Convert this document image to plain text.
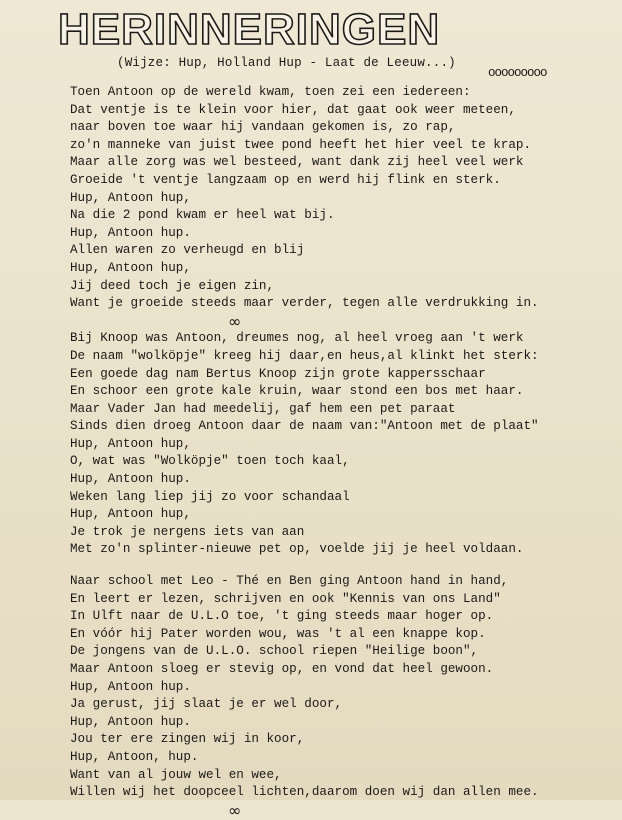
HERINNERINGEN
(Wijze: Hup, Holland Hup - Laat de Leeuw...)
ooooooooo
Toen Antoon op de wereld kwam, toen zei een iedereen:
Dat ventje is te klein voor hier, dat gaat ook weer meteen,
naar boven toe waar hij vandaan gekomen is, zo rap,
zo'n manneke van juist twee pond heeft het hier veel te krap.
Maar alle zorg was wel besteed, want dank zij heel veel werk
Groeide 't ventje langzaam op en werd hij flink en sterk.
Hup, Antoon hup,
Na die 2 pond kwam er heel wat bij.
Hup, Antoon hup.
Allen waren zo verheugd en blij
Hup, Antoon hup,
Jij deed toch je eigen zin,
Want je groeide steeds maar verder, tegen alle verdrukking in.
∞
Bij Knoop was Antoon, dreumes nog, al heel vroeg aan 't werk
De naam "wolköpje" kreeg hij daar,en heus,al klinkt het sterk:
Een goede dag nam Bertus Knoop zijn grote kappersschaar
En schoor een grote kale kruin, waar stond een bos met haar.
Maar Vader Jan had meedelij, gaf hem een pet paraat
Sinds dien droeg Antoon daar de naam van:"Antoon met de plaat"
Hup, Antoon hup,
O, wat was "Wolköpje" toen toch kaal,
Hup, Antoon hup.
Weken lang liep jij zo voor schandaal
Hup, Antoon hup,
Je trok je nergens iets van aan
Met zo'n splinter-nieuwe pet op, voelde jij je heel voldaan.
Naar school met Leo - Thé en Ben ging Antoon hand in hand,
En leert er lezen, schrijven en ook "Kennis van ons Land"
In Ulft naar de U.L.O toe, 't ging steeds maar hoger op.
En vóór hij Pater worden wou, was 't al een knappe kop.
De jongens van de U.L.O. school riepen "Heilige boon",
Maar Antoon sloeg er stevig op, en vond dat heel gewoon.
Hup, Antoon hup.
Ja gerust, jij slaat je er wel door,
Hup, Antoon hup.
Jou ter ere zingen wij in koor,
Hup, Antoon, hup.
Want van al jouw wel en wee,
Willen wij het doopceel lichten,daarom doen wij dan allen mee.
∞
